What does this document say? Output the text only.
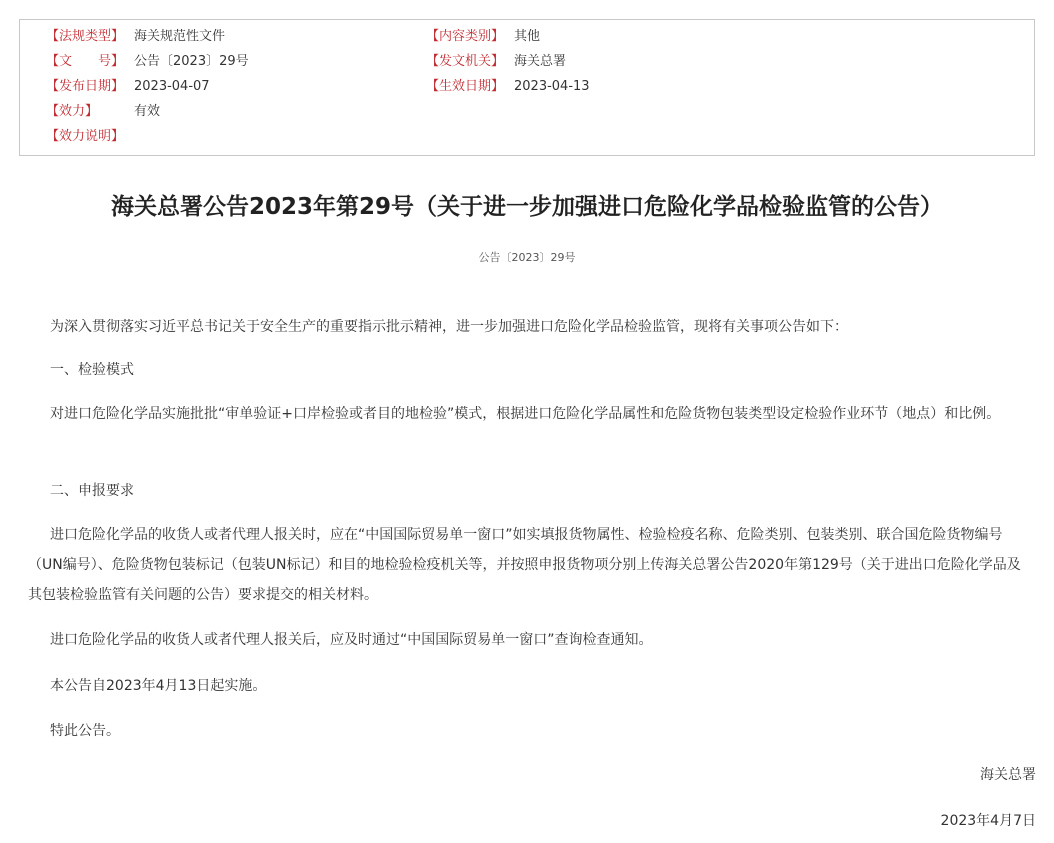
【法规类型】 海关规范性文件
【文　　号】 公告〔2023〕29号
【发布日期】 2023-04-07
【效力】	有效
【效力说明】
【内容类别】 其他
【发文机关】 海关总署
【生效日期】 2023-04-13
海关总署公告2023年第29号（关于进一步加强进口危险化学品检验监管的公告）
公告〔2023〕29号
为深入贯彻落实习近平总书记关于安全生产的重要指示批示精神，进一步加强进口危险化学品检验监管，现将有关事项公告如下：
一、检验模式
对进口危险化学品实施批批“审单验证+口岸检验或者目的地检验”模式，根据进口危险化学品属性和危险货物包装类型设定检验作业环节（地点）和比例。
二、申报要求
进口危险化学品的收货人或者代理人报关时，应在“中国国际贸易单一窗口”如实填报货物属性、检验检疫名称、危险类别、包装类别、联合国危险货物编号（UN编号）、危险货物包装标记（包装UN标记）和目的地检验检疫机关等，并按照申报货物项分别上传海关总署公告2020年第129号（关于进出口危险化学品及其包装检验监管有关问题的公告）要求提交的相关材料。
进口危险化学品的收货人或者代理人报关后，应及时通过“中国国际贸易单一窗口”查询检查通知。
本公告自2023年4月13日起实施。
特此公告。
海关总署
2023年4月7日
